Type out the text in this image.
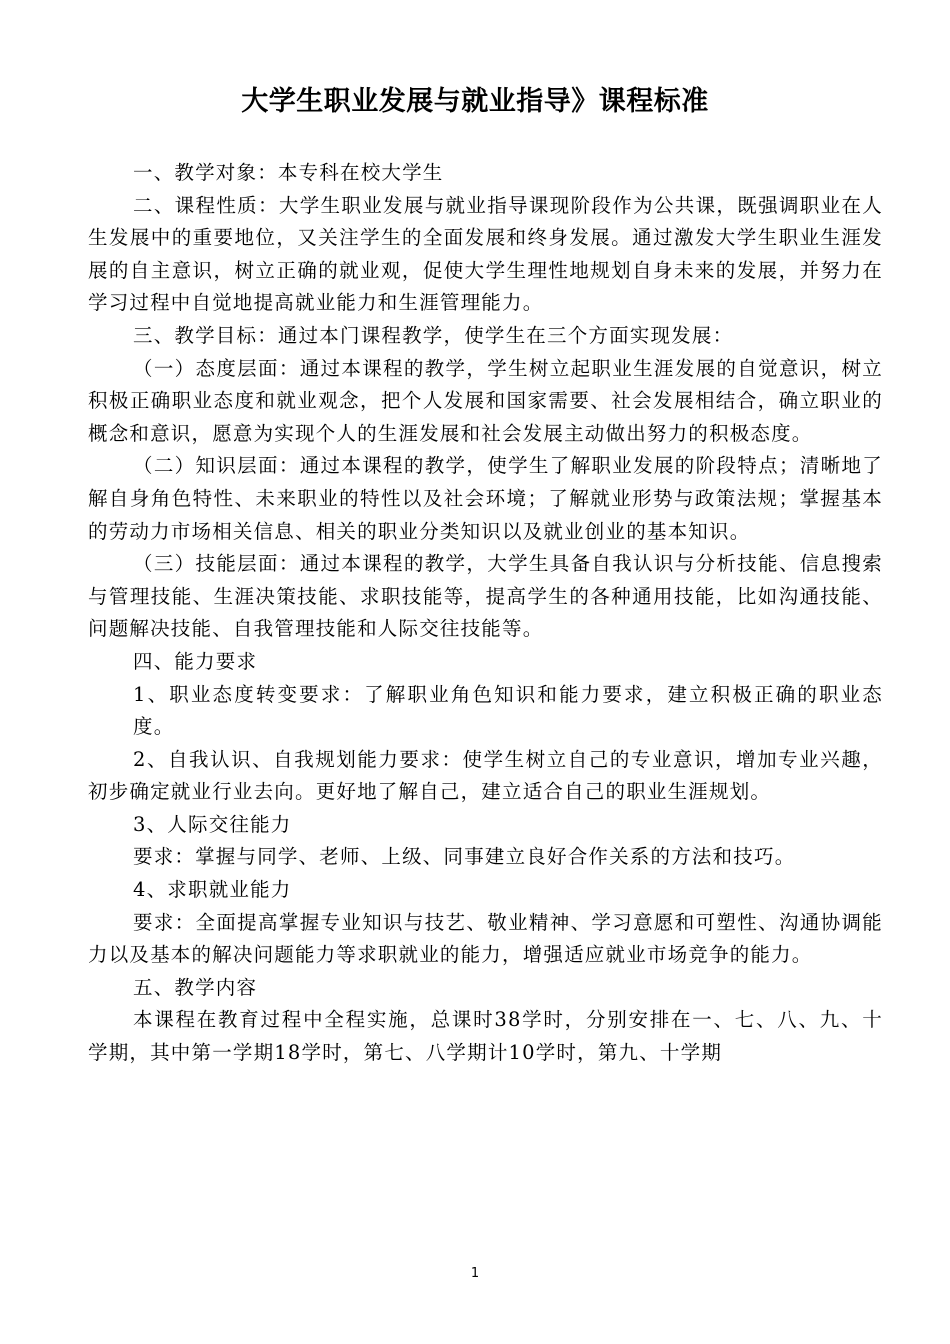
大学生职业发展与就业指导》课程标准

一、教学对象：本专科在校大学生

二、课程性质：大学生职业发展与就业指导课现阶段作为公共课，既强调职业在人生发展中的重要地位，又关注学生的全面发展和终身发展。通过激发大学生职业生涯发展的自主意识，树立正确的就业观，促使大学生理性地规划自身未来的发展，并努力在学习过程中自觉地提高就业能力和生涯管理能力。

三、教学目标：通过本门课程教学，使学生在三个方面实现发展：

（一）态度层面：通过本课程的教学，学生树立起职业生涯发展的自觉意识，树立积极正确职业态度和就业观念，把个人发展和国家需要、社会发展相结合，确立职业的概念和意识，愿意为实现个人的生涯发展和社会发展主动做出努力的积极态度。

（二）知识层面：通过本课程的教学，使学生了解职业发展的阶段特点；清晰地了解自身角色特性、未来职业的特性以及社会环境；了解就业形势与政策法规；掌握基本的劳动力市场相关信息、相关的职业分类知识以及就业创业的基本知识。

（三）技能层面：通过本课程的教学，大学生具备自我认识与分析技能、信息搜索与管理技能、生涯决策技能、求职技能等，提高学生的各种通用技能，比如沟通技能、问题解决技能、自我管理技能和人际交往技能等。

四、能力要求

1、职业态度转变要求：了解职业角色知识和能力要求，建立积极正确的职业态度。

2、自我认识、自我规划能力要求：使学生树立自己的专业意识，增加专业兴趣，初步确定就业行业去向。更好地了解自己，建立适合自己的职业生涯规划。

3、人际交往能力

要求：掌握与同学、老师、上级、同事建立良好合作关系的方法和技巧。

4、求职就业能力

要求：全面提高掌握专业知识与技艺、敬业精神、学习意愿和可塑性、沟通协调能力以及基本的解决问题能力等求职就业的能力，增强适应就业市场竞争的能力。

五、教学内容

本课程在教育过程中全程实施，总课时38学时，分别安排在一、七、八、九、十学期，其中第一学期18学时，第七、八学期计10学时，第九、十学期

1
